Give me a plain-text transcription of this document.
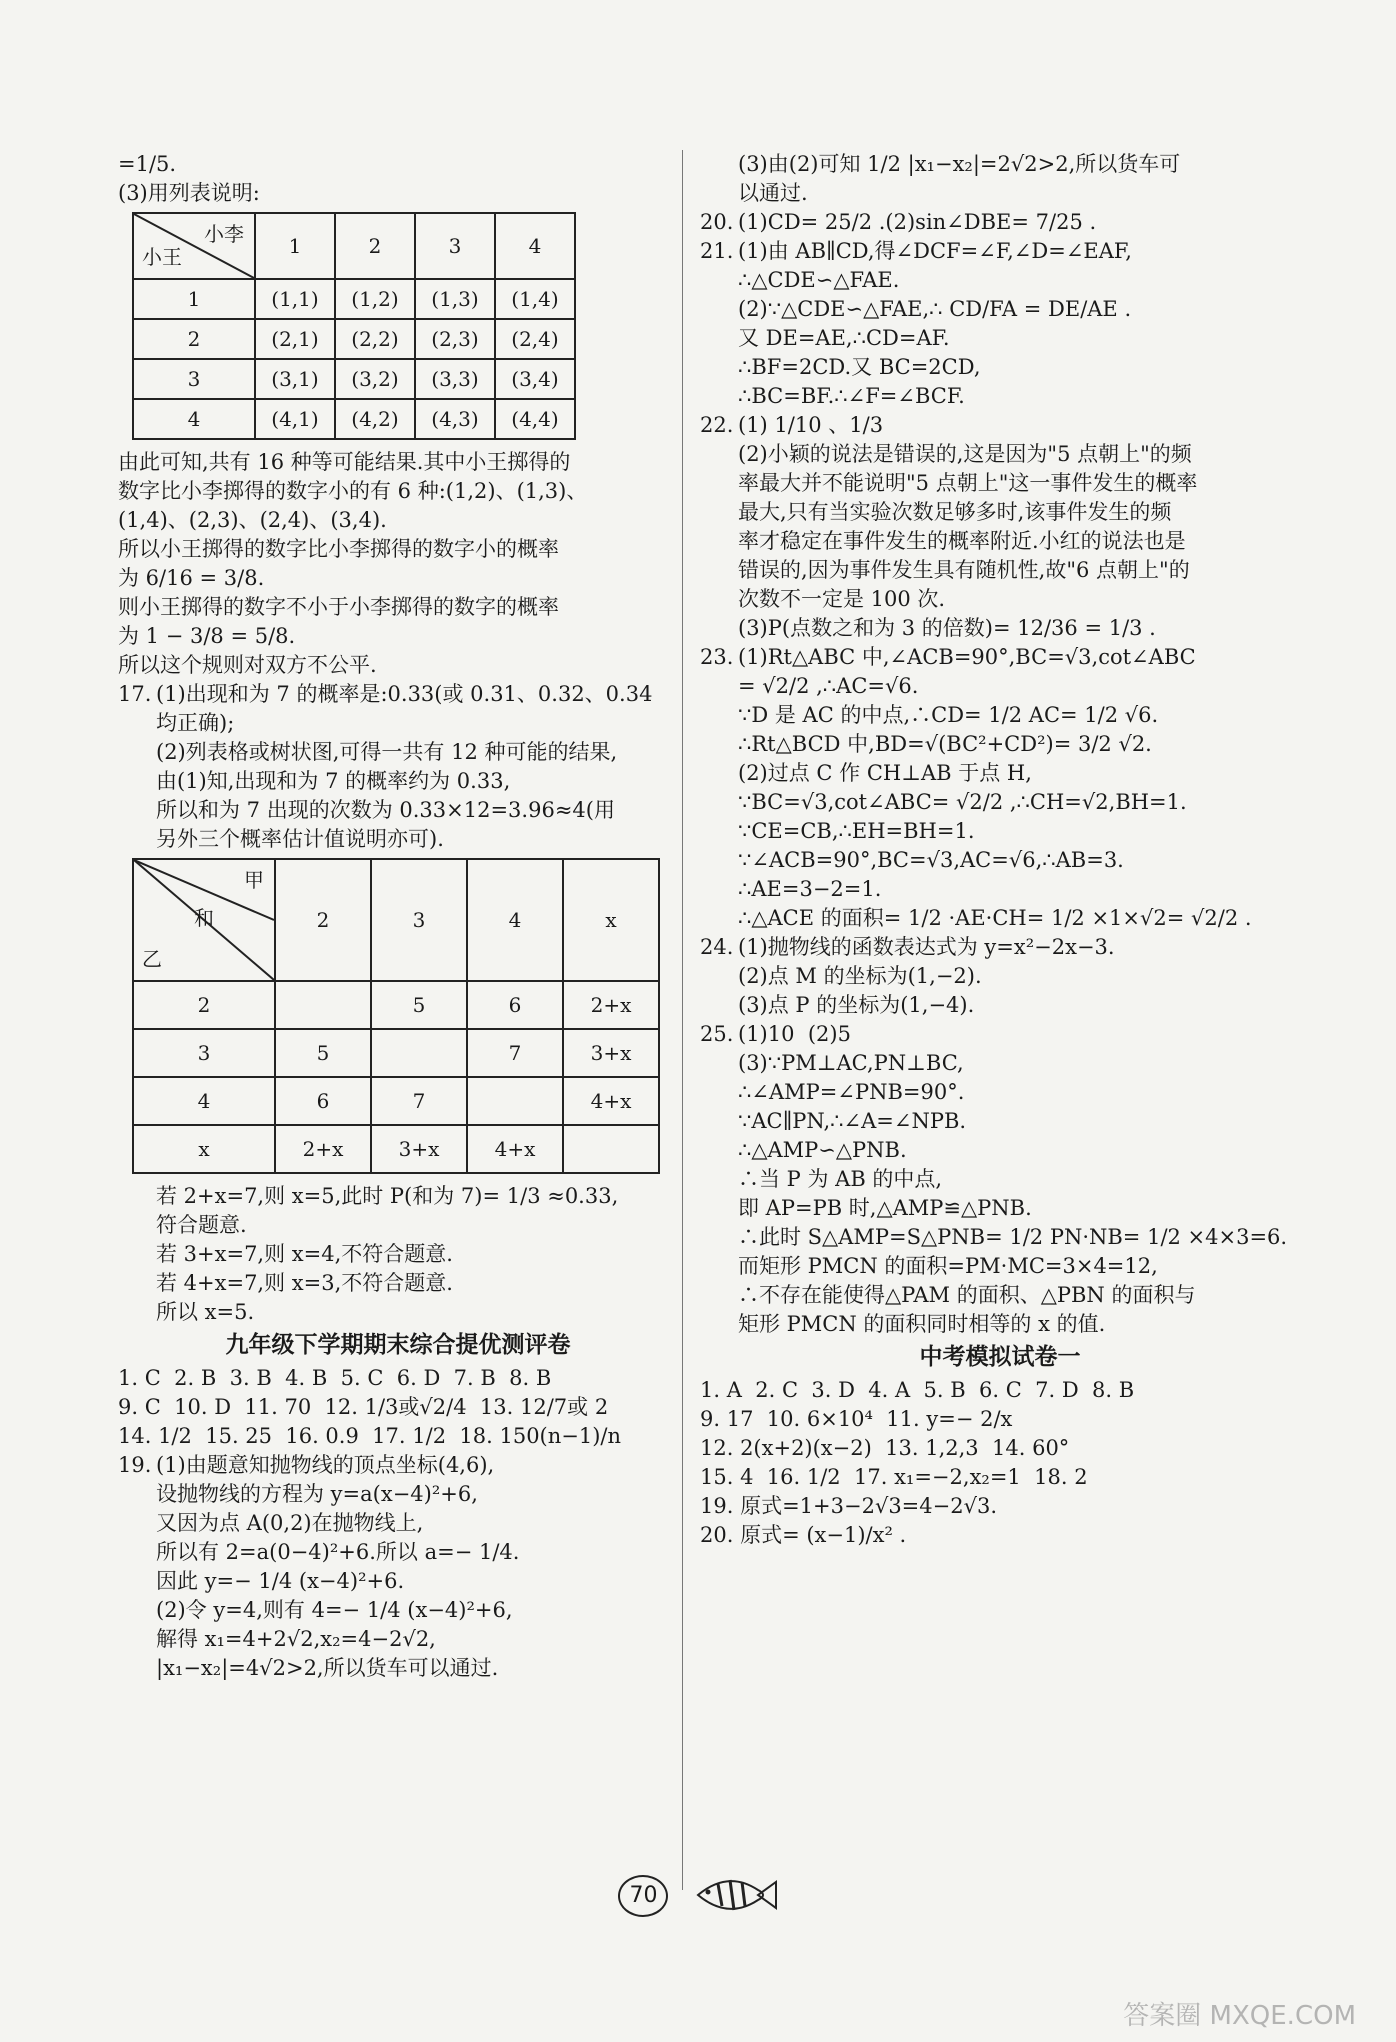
=1/5.
(3)用列表说明:
小李
小王	1	2	3	4
1	(1,1)	(1,2)	(1,3)	(1,4)
2	(2,1)	(2,2)	(2,3)	(2,4)
3	(3,1)	(3,2)	(3,3)	(3,4)
4	(4,1)	(4,2)	(4,3)	(4,4)
由此可知,共有 16 种等可能结果.其中小王掷得的
数字比小李掷得的数字小的有 6 种:(1,2)、(1,3)、
(1,4)、(2,3)、(2,4)、(3,4).
所以小王掷得的数字比小李掷得的数字小的概率
为 6/16 = 3/8.
则小王掷得的数字不小于小李掷得的数字的概率
为 1 − 3/8 = 5/8.
所以这个规则对双方不公平.
17. (1)出现和为 7 的概率是:0.33(或 0.31、0.32、0.34
均正确);
(2)列表格或树状图,可得一共有 12 种可能的结果,
由(1)知,出现和为 7 的概率约为 0.33,
所以和为 7 出现的次数为 0.33×12=3.96≈4(用
另外三个概率估计值说明亦可).
甲
和
乙	2	3	4	x
2		5	6	2+x
3	5		7	3+x
4	6	7		4+x
x	2+x	3+x	4+x	
若 2+x=7,则 x=5,此时 P(和为 7)= 1/3 ≈0.33,
符合题意.
若 3+x=7,则 x=4,不符合题意.
若 4+x=7,则 x=3,不符合题意.
所以 x=5.
九年级下学期期末综合提优测评卷
1. C  2. B  3. B  4. B  5. C  6. D  7. B  8. B
9. C  10. D  11. 70  12. 1/3或√2/4  13. 12/7或 2
14. 1/2  15. 25  16. 0.9  17. 1/2  18. 150(n−1)/n
19. (1)由题意知抛物线的顶点坐标(4,6),
设抛物线的方程为 y=a(x−4)²+6,
又因为点 A(0,2)在抛物线上,
所以有 2=a(0−4)²+6.所以 a=− 1/4.
因此 y=− 1/4 (x−4)²+6.
(2)令 y=4,则有 4=− 1/4 (x−4)²+6,
解得 x₁=4+2√2,x₂=4−2√2,
|x₁−x₂|=4√2>2,所以货车可以通过.
(3)由(2)可知 1/2 |x₁−x₂|=2√2>2,所以货车可
以通过.
20. (1)CD= 25/2 .(2)sin∠DBE= 7/25 .
21. (1)由 AB∥CD,得∠DCF=∠F,∠D=∠EAF,
∴△CDE∽△FAE.
(2)∵△CDE∽△FAE,∴ CD/FA = DE/AE .
又 DE=AE,∴CD=AF.
∴BF=2CD.又 BC=2CD,
∴BC=BF.∴∠F=∠BCF.
22. (1) 1/10 、1/3
(2)小颖的说法是错误的,这是因为"5 点朝上"的频
率最大并不能说明"5 点朝上"这一事件发生的概率
最大,只有当实验次数足够多时,该事件发生的频
率才稳定在事件发生的概率附近.小红的说法也是
错误的,因为事件发生具有随机性,故"6 点朝上"的
次数不一定是 100 次.
(3)P(点数之和为 3 的倍数)= 12/36 = 1/3 .
23. (1)Rt△ABC 中,∠ACB=90°,BC=√3,cot∠ABC
= √2/2 ,∴AC=√6.
∵D 是 AC 的中点,∴CD= 1/2 AC= 1/2 √6.
∴Rt△BCD 中,BD=√(BC²+CD²)= 3/2 √2.
(2)过点 C 作 CH⊥AB 于点 H,
∵BC=√3,cot∠ABC= √2/2 ,∴CH=√2,BH=1.
∵CE=CB,∴EH=BH=1.
∵∠ACB=90°,BC=√3,AC=√6,∴AB=3.
∴AE=3−2=1.
∴△ACE 的面积= 1/2 ·AE·CH= 1/2 ×1×√2= √2/2 .
24. (1)抛物线的函数表达式为 y=x²−2x−3.
(2)点 M 的坐标为(1,−2).
(3)点 P 的坐标为(1,−4).
25. (1)10  (2)5
(3)∵PM⊥AC,PN⊥BC,
∴∠AMP=∠PNB=90°.
∵AC∥PN,∴∠A=∠NPB.
∴△AMP∽△PNB.
∴当 P 为 AB 的中点,
即 AP=PB 时,△AMP≌△PNB.
∴此时 S△AMP=S△PNB= 1/2 PN·NB= 1/2 ×4×3=6.
而矩形 PMCN 的面积=PM·MC=3×4=12,
∴不存在能使得△PAM 的面积、△PBN 的面积与
矩形 PMCN 的面积同时相等的 x 的值.
中考模拟试卷一
1. A  2. C  3. D  4. A  5. B  6. C  7. D  8. B
9. 17  10. 6×10⁴  11. y=− 2/x
12. 2(x+2)(x−2)  13. 1,2,3  14. 60°
15. 4  16. 1/2  17. x₁=−2,x₂=1  18. 2
19. 原式=1+3−2√3=4−2√3.
20. 原式= (x−1)/x² .
70
答案圈 MXQE.COM
